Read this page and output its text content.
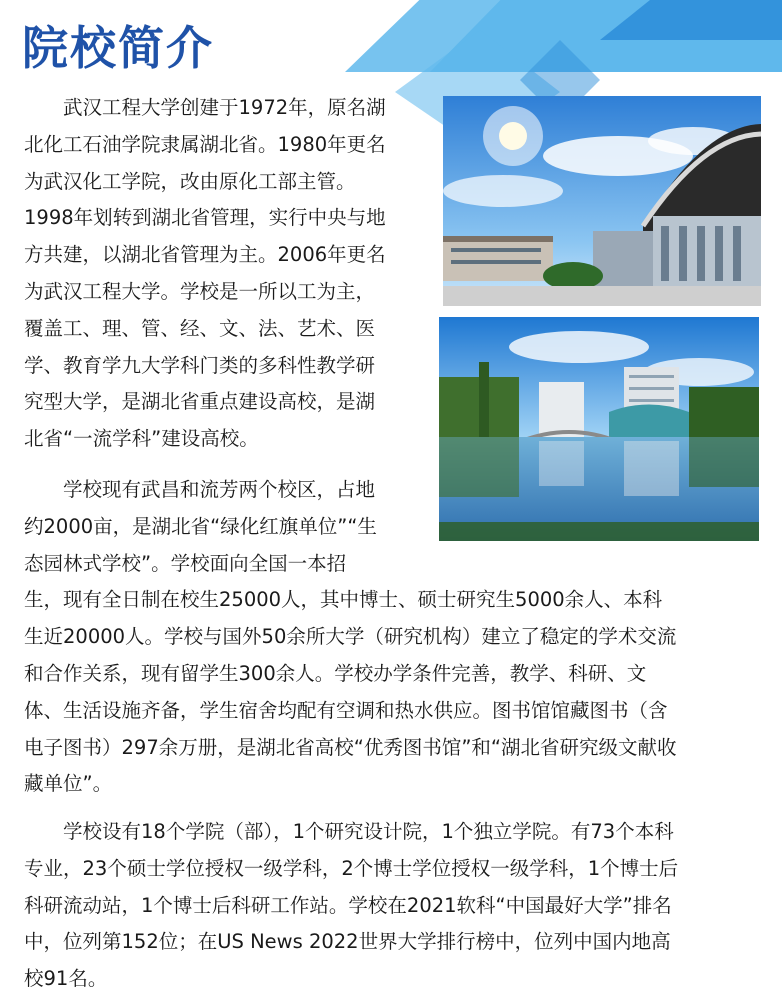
院校简介

武汉工程大学创建于1972年，原名湖

北化工石油学院隶属湖北省。1980年更名

为武汉化工学院，改由原化工部主管。

1998年划转到湖北省管理，实行中央与地

方共建，以湖北省管理为主。2006年更名

为武汉工程大学。学校是一所以工为主，

覆盖工、理、管、经、文、法、艺术、医

学、教育学九大学科门类的多科性教学研

究型大学，是湖北省重点建设高校，是湖

北省“一流学科”建设高校。

学校现有武昌和流芳两个校区，占地

约2000亩，是湖北省“绿化红旗单位”“生

态园林式学校”。学校面向全国一本招

生，现有全日制在校生25000人，其中博士、硕士研究生5000余人、本科

生近20000人。学校与国外50余所大学（研究机构）建立了稳定的学术交流

和合作关系，现有留学生300余人。学校办学条件完善，教学、科研、文

体、生活设施齐备，学生宿舍均配有空调和热水供应。图书馆馆藏图书（含

电子图书）297余万册，是湖北省高校“优秀图书馆”和“湖北省研究级文献收

藏单位”。

学校设有18个学院（部），1个研究设计院，1个独立学院。有73个本科

专业，23个硕士学位授权一级学科，2个博士学位授权一级学科，1个博士后

科研流动站，1个博士后科研工作站。学校在2021软科“中国最好大学”排名

中，位列第152位；在US News 2022世界大学排行榜中，位列中国内地高

校91名。
